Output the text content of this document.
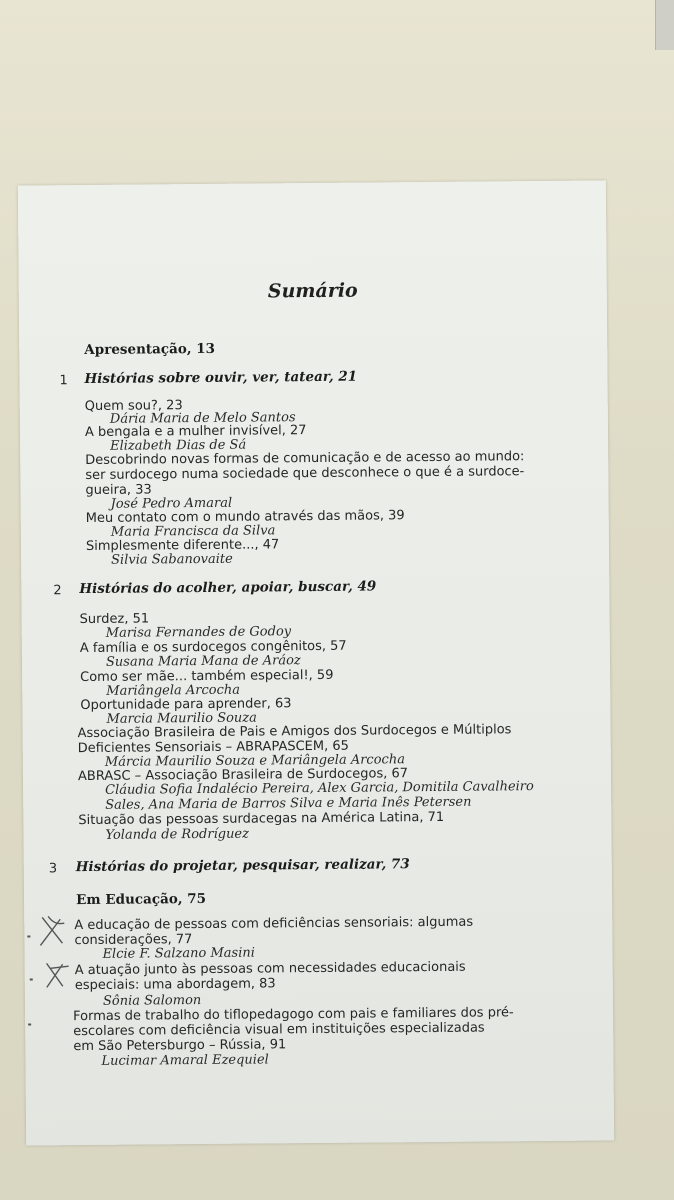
Sumário
Apresentação, 13
1 Histórias sobre ouvir, ver, tatear, 21
Quem sou?, 23
Dária Maria de Melo Santos
A bengala e a mulher invisível, 27
Elizabeth Dias de Sá
Descobrindo novas formas de comunicação e de acesso ao mundo:
ser surdocego numa sociedade que desconhece o que é a surdoce-
gueira, 33
José Pedro Amaral
Meu contato com o mundo através das mãos, 39
Maria Francisca da Silva
Simplesmente diferente..., 47
Silvia Sabanovaite
2 Histórias do acolher, apoiar, buscar, 49
Surdez, 51
Marisa Fernandes de Godoy
A família e os surdocegos congênitos, 57
Susana Maria Mana de Aráoz
Como ser mãe... também especial!, 59
Mariângela Arcocha
Oportunidade para aprender, 63
Marcia Maurilio Souza
Associação Brasileira de Pais e Amigos dos Surdocegos e Múltiplos
Deficientes Sensoriais – ABRAPASCEM, 65
Márcia Maurilio Souza e Mariângela Arcocha
ABRASC – Associação Brasileira de Surdocegos, 67
Cláudia Sofia Indalécio Pereira, Alex Garcia, Domitila Cavalheiro
Sales, Ana Maria de Barros Silva e Maria Inês Petersen
Situação das pessoas surdacegas na América Latina, 71
Yolanda de Rodríguez
3 Histórias do projetar, pesquisar, realizar, 73
Em Educação, 75
A educação de pessoas com deficiências sensoriais: algumas
considerações, 77
Elcie F. Salzano Masini
A atuação junto às pessoas com necessidades educacionais
especiais: uma abordagem, 83
Sônia Salomon
Formas de trabalho do tiflopedagogo com pais e familiares dos pré-
escolares com deficiência visual em instituições especializadas
em São Petersburgo – Rússia, 91
Lucimar Amaral Ezequiel
